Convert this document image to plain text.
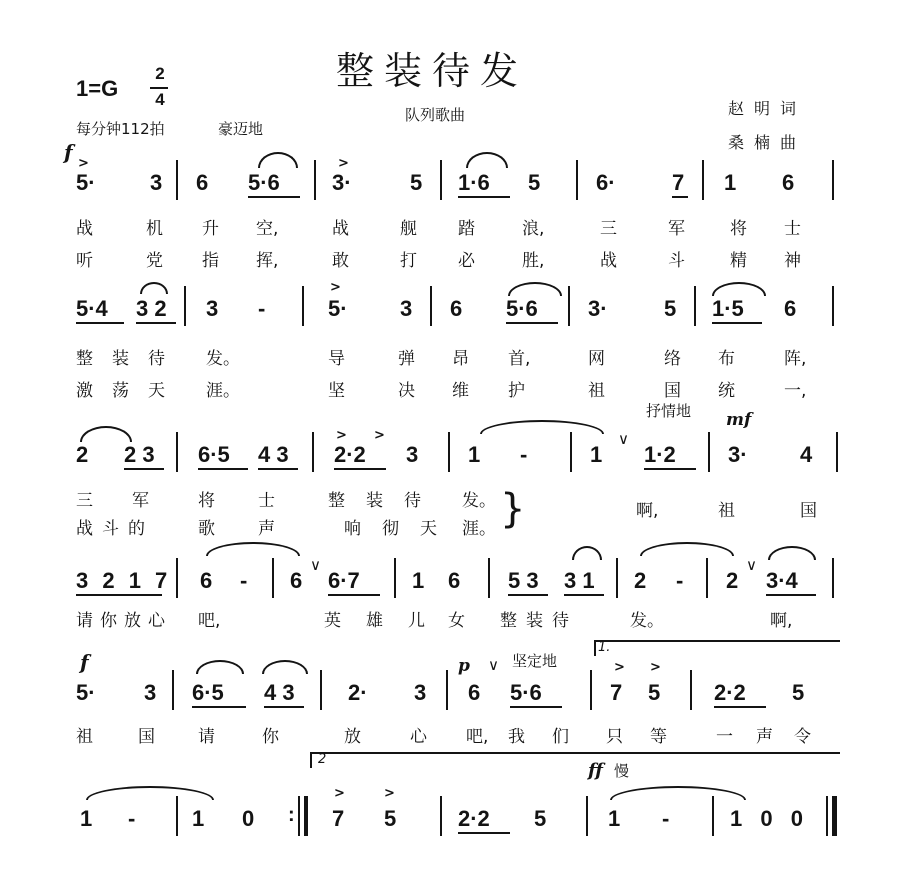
整装待发
1=G
2
4
每分钟112拍	豪迈地
队列歌曲	赵明词
桑楠曲
f >	>
5· 3 6 5·6 3·	5 1·6 5	6·	7 1 6
战	机 升 空,	战	舰 踏	浪,	三	军	将 士
听	党 指 挥,	敢	打 必	胜,	战	斗	精 神
5·4 3 2 3 -
>
5· 3 6 5·6 3·	5 1·5 6
整 装 待 发。	导	弹 昂 首,	网	络 布	阵,
激 荡 天 涯。	坚	决 维 护	祖	国 统	一,
抒情地 mf
> >
2 2 3 6·5 4 3 2·2 3 1 -	1
∨
1·2 3· 4
三 军	将	士	整 装 待 发。 }	啊,	祖	国
战 斗 的	歌	声	响 彻 天 涯。
3 2 1 7 6 - 6
∨
6·7 1 6 5 3 3 1 2 - 2
∨
3·4
请 你 放 心 吧,	英 雄 儿 女 整 装 待	发。	啊,
f	p ∨ 坚定地
1.
> >
5· 3 6·5 4 3 2· 3 6 5·6	7 5 2·2 5
祖	国	请	你	放	心 吧, 我 们 只 等	一 声 令
2
ff 慢
>	>
1 -	1 0 : 7 5	2·2 5	1 -	1 0 0
